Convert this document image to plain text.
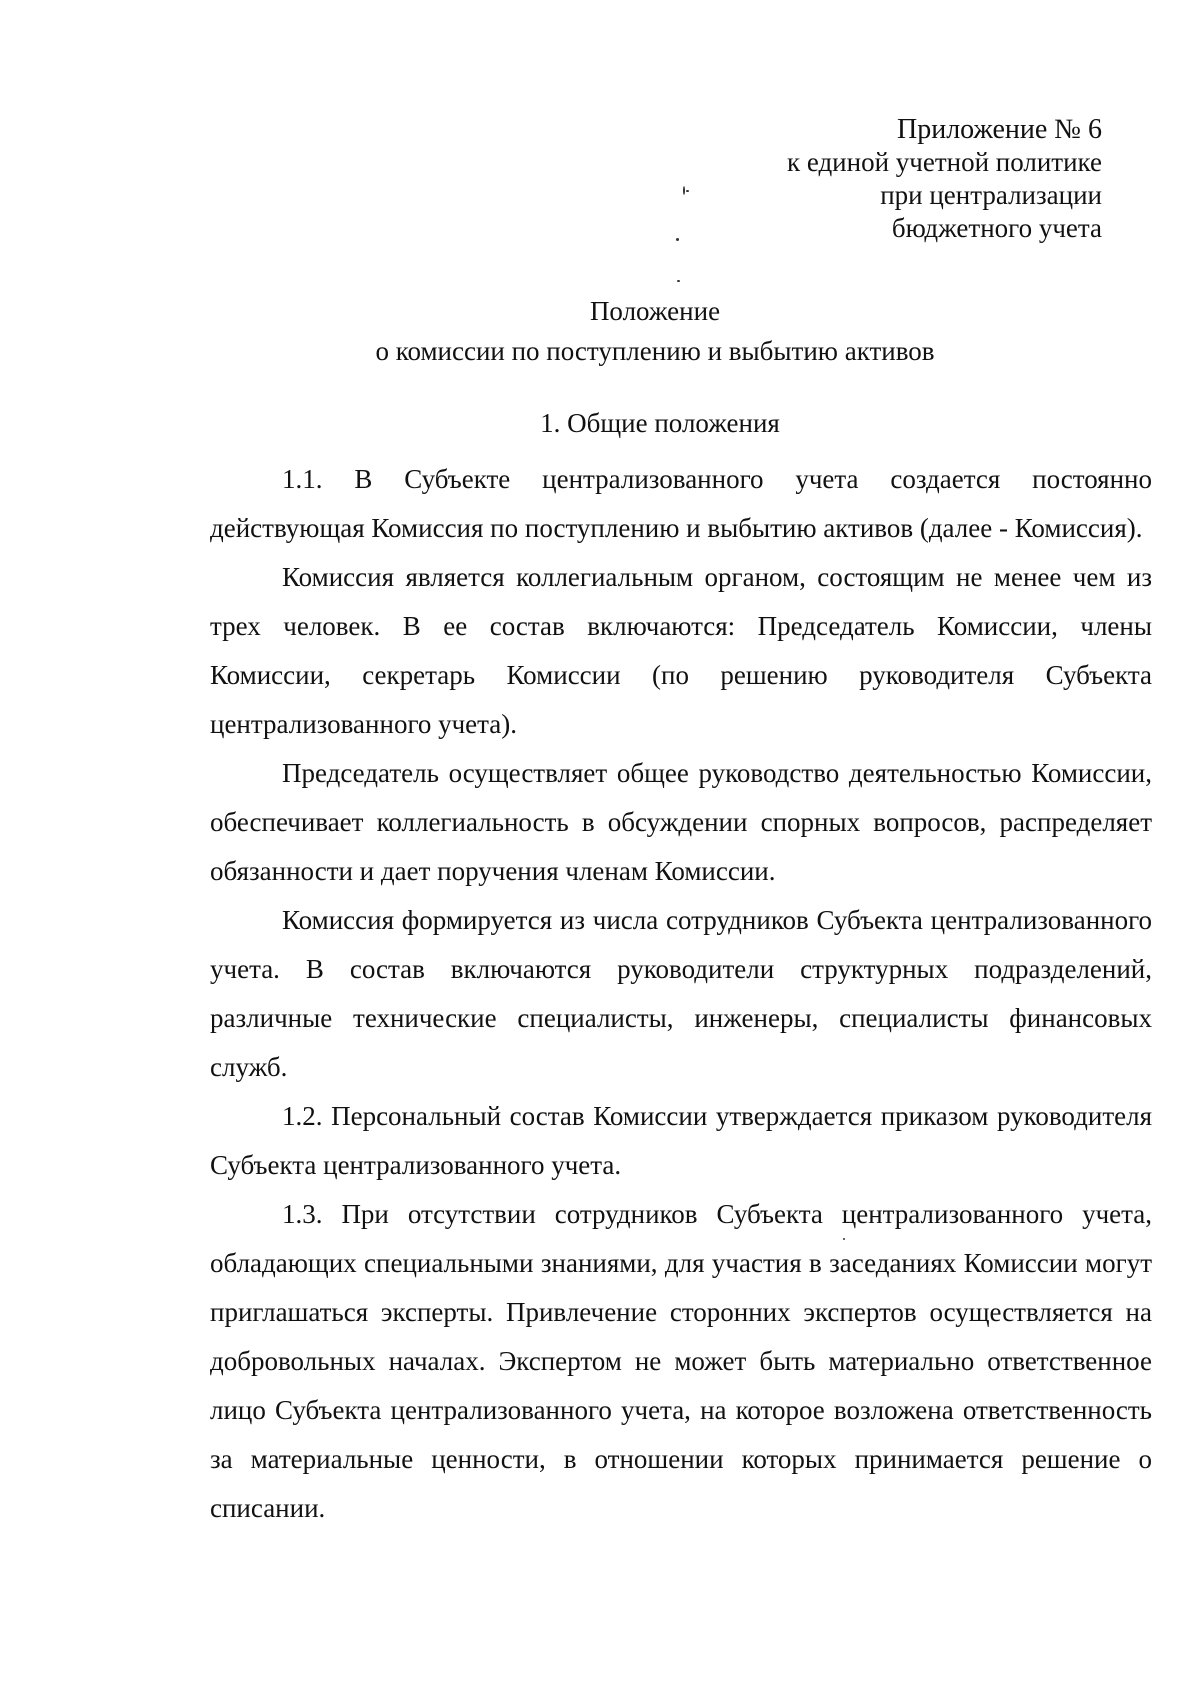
Приложение № 6
к единой учетной политике
при централизации
бюджетного учета
Положение
о комиссии по поступлению и выбытию активов
1. Общие положения

1.1. В Субъекте централизованного учета создается постоянно действующая Комиссия по поступлению и выбытию активов (далее - Комиссия).

Комиссия является коллегиальным органом, состоящим не менее чем из трех человек. В ее состав включаются: Председатель Комиссии, члены Комиссии, секретарь Комиссии (по решению руководителя Субъекта централизованного учета).

Председатель осуществляет общее руководство деятельностью Комиссии, обеспечивает коллегиальность в обсуждении спорных вопросов, распределяет обязанности и дает поручения членам Комиссии.

Комиссия формируется из числа сотрудников Субъекта централизованного учета. В состав включаются руководители структурных подразделений, различные технические специалисты, инженеры, специалисты финансовых служб.

1.2. Персональный состав Комиссии утверждается приказом руководителя Субъекта централизованного учета.

1.3. При отсутствии сотрудников Субъекта централизованного учета, обладающих специальными знаниями, для участия в заседаниях Комиссии могут приглашаться эксперты. Привлечение сторонних экспертов осуществляется на добровольных началах. Экспертом не может быть материально ответственное лицо Субъекта централизованного учета, на которое возложена ответственность за материальные ценности, в отношении которых принимается решение о списании.
